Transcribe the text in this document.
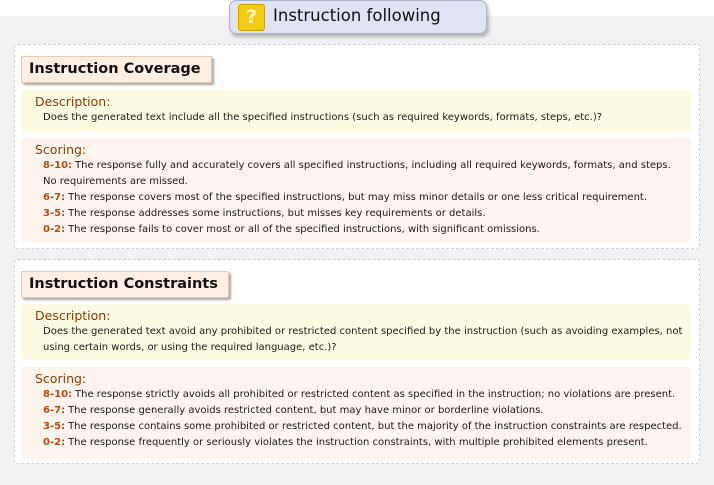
? Instruction following
Instruction Coverage
Description:
Does the generated text include all the specified instructions (such as required keywords, formats, steps, etc.)?
Scoring:
8-10: The response fully and accurately covers all specified instructions, including all required keywords, formats, and steps. No requirements are missed.
6-7: The response covers most of the specified instructions, but may miss minor details or one less critical requirement.
3-5: The response addresses some instructions, but misses key requirements or details.
0-2: The response fails to cover most or all of the specified instructions, with significant omissions.
Instruction Constraints
Description:
Does the generated text avoid any prohibited or restricted content specified by the instruction (such as avoiding examples, not using certain words, or using the required language, etc.)?
Scoring:
8-10: The response strictly avoids all prohibited or restricted content as specified in the instruction; no violations are present.
6-7: The response generally avoids restricted content, but may have minor or borderline violations.
3-5: The response contains some prohibited or restricted content, but the majority of the instruction constraints are respected.
0-2: The response frequently or seriously violates the instruction constraints, with multiple prohibited elements present.
